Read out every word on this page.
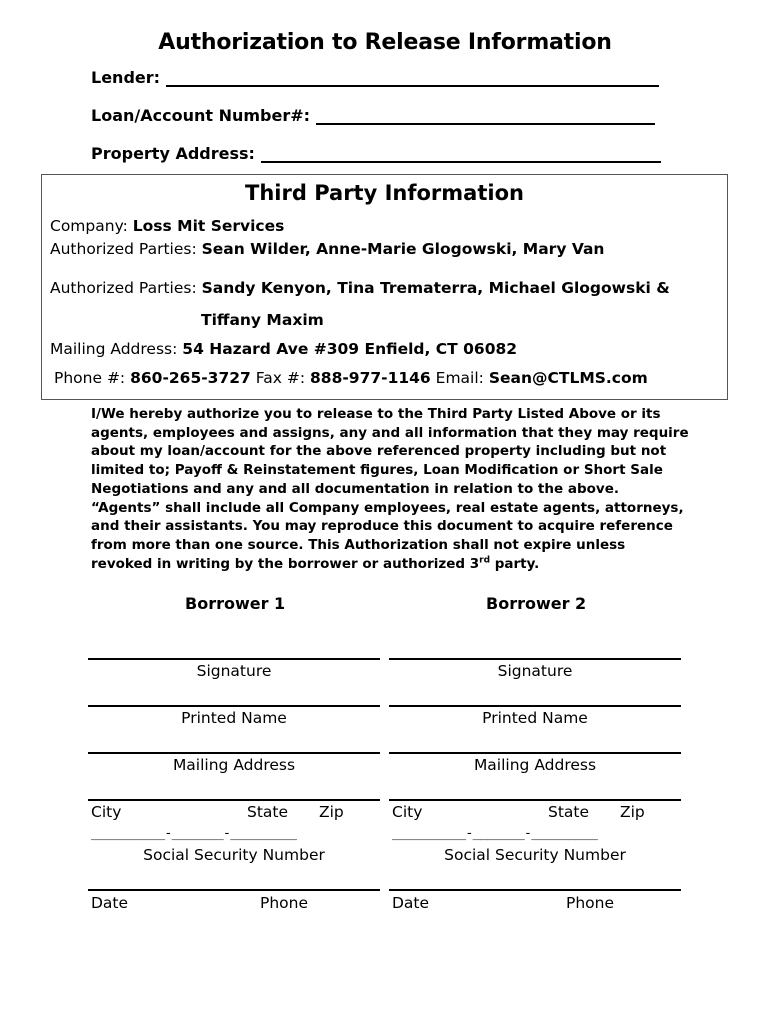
Authorization to Release Information
Lender:
Loan/Account Number#:
Property Address:
Third Party Information
Company: Loss Mit Services
Authorized Parties: Sean Wilder, Anne-Marie Glogowski, Mary Van
Authorized Parties: Sandy Kenyon, Tina Trematerra, Michael Glogowski &
Tiffany Maxim
Mailing Address: 54 Hazard Ave #309 Enfield, CT 06082
Phone #: 860-265-3727 Fax #: 888-977-1146 Email: Sean@CTLMS.com
I/We hereby authorize you to release to the Third Party Listed Above or its agents, employees and assigns, any and all information that they may require about my loan/account for the above referenced property including but not limited to; Payoff & Reinstatement figures, Loan Modification or Short Sale Negotiations and any and all documentation in relation to the above. “Agents” shall include all Company employees, real estate agents, attorneys, and their assistants. You may reproduce this document to acquire reference from more than one source. This Authorization shall not expire unless revoked in writing by the borrower or authorized 3rd party.
Borrower 1
Signature
Printed Name
Mailing Address
City	State Zip
__________-_______-_________
Social Security Number
Date	Phone
Borrower 2
Signature
Printed Name
Mailing Address
City	State Zip
__________-_______-_________
Social Security Number
Date	Phone
